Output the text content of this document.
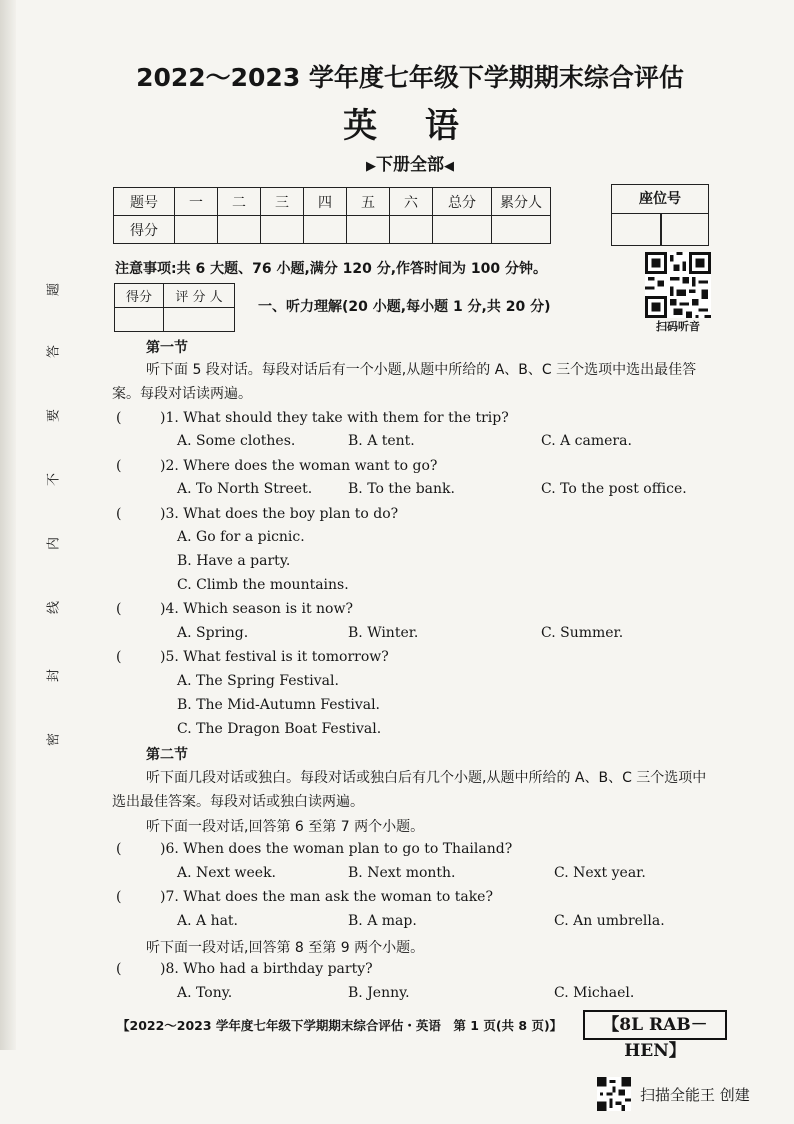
2022～2023 学年度七年级下学期期末综合评估
英 语
▶下册全部◀
题号	一	二	三	四	五	六	总分	累分人
得分								
座位号
注意事项:共 6 大题、76 小题,满分 120 分,作答时间为 100 分钟。
得分	评 分 人

一、听力理解(20 小题,每小题 1 分,共 20 分)
扫码听音
题
答
要
不
内
线
封
密
第一节
听下面 5 段对话。每段对话后有一个小题,从题中所给的 A、B、C 三个选项中选出最佳答案。每段对话读两遍。
(	)1. What should they take with them for the trip?
A. Some clothes.	B. A tent.	C. A camera.
(	)2. Where does the woman want to go?
A. To North Street.	B. To the bank.	C. To the post office.
(	)3. What does the boy plan to do?
A. Go for a picnic.
B. Have a party.
C. Climb the mountains.
(	)4. Which season is it now?
A. Spring.	B. Winter.	C. Summer.
(	)5. What festival is it tomorrow?
A. The Spring Festival.
B. The Mid-Autumn Festival.
C. The Dragon Boat Festival.
第二节
听下面几段对话或独白。每段对话或独白后有几个小题,从题中所给的 A、B、C 三个选项中选出最佳答案。每段对话或独白读两遍。
听下面一段对话,回答第 6 至第 7 两个小题。
(	)6. When does the woman plan to go to Thailand?
A. Next week.	B. Next month.	C. Next year.
(	)7. What does the man ask the woman to take?
A. A hat.	B. A map.	C. An umbrella.
听下面一段对话,回答第 8 至第 9 两个小题。
(	)8. Who had a birthday party?
A. Tony.	B. Jenny.	C. Michael.
【2022～2023 学年度七年级下学期期末综合评估・英语　第 1 页(共 8 页)】	【8L RAB－HEN】
扫描全能王 创建
